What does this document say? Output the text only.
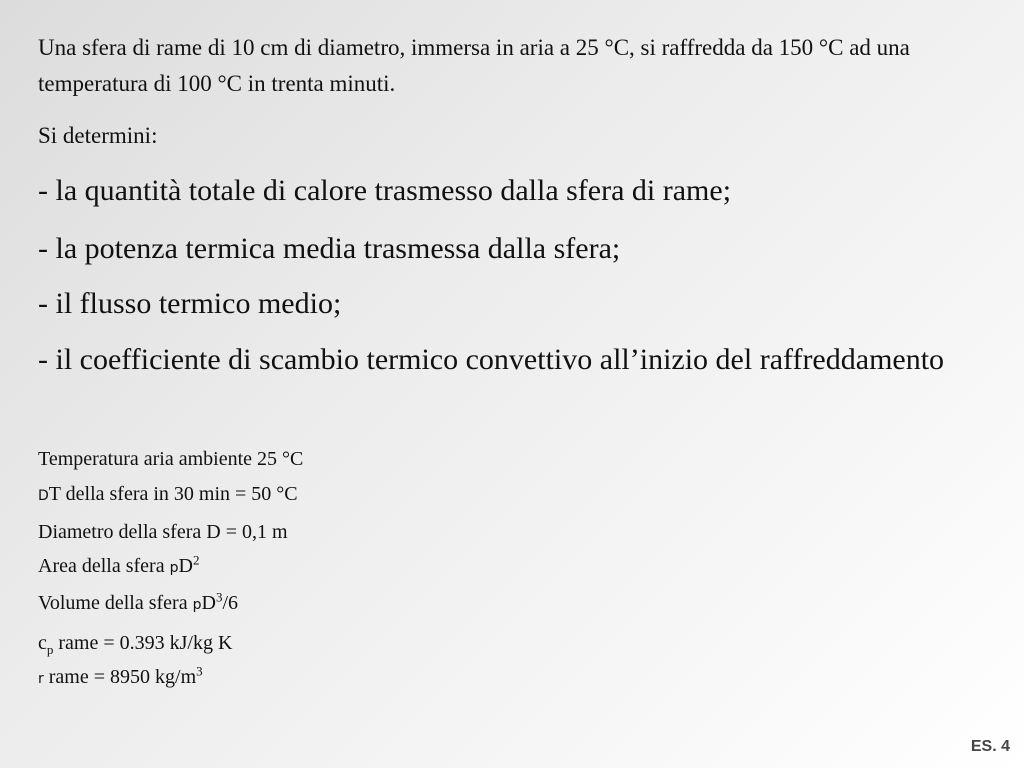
Una sfera di rame di 10 cm di diametro, immersa in aria a 25 °C, si raffredda da 150 °C ad una temperatura di 100 °C in trenta minuti.
Si determini:
- la quantità totale di calore trasmesso dalla sfera di rame;
- la potenza termica media trasmessa dalla sfera;
- il flusso termico medio;
- il coefficiente di scambio termico convettivo all’inizio del raffreddamento
Temperatura aria ambiente 25 °C
DT della sfera in 30 min = 50 °C
Diametro della sfera D = 0,1 m
Area della sfera $pD^2$
Volume della sfera $pD^3/6$
$c_p$ rame = 0.393 kJ/kg K
r rame = 8950 $kg/m^3$
ES. 4
